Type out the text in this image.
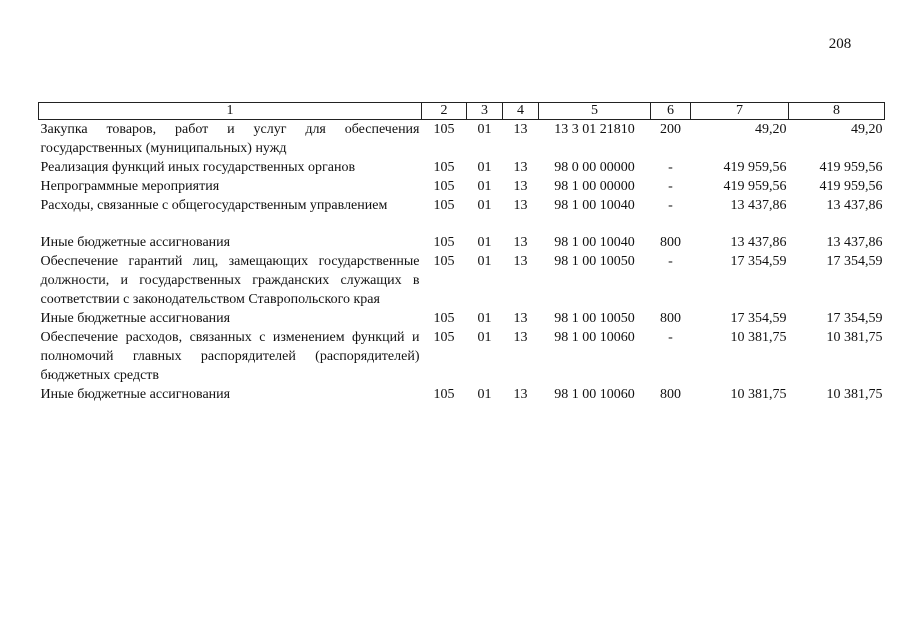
208
1	2	3	4	5	6	7	8
Закупка товаров, работ и услуг для обеспечения государственных (муниципальных) нужд	105	01	13	13 3 01 21810	200	49,20	49,20
Реализация функций иных государственных органов	105	01	13	98 0 00 00000	-	419 959,56	419 959,56
Непрограммные мероприятия	105	01	13	98 1 00 00000	-	419 959,56	419 959,56
Расходы, связанные с общегосударственным управлением	105	01	13	98 1 00 10040	-	13 437,86	13 437,86

Иные бюджетные ассигнования	105	01	13	98 1 00 10040	800	13 437,86	13 437,86
Обеспечение гарантий лиц, замещающих государственные должности, и государственных гражданских служащих в соответствии с законодательством Ставропольского края	105	01	13	98 1 00 10050	-	17 354,59	17 354,59
Иные бюджетные ассигнования	105	01	13	98 1 00 10050	800	17 354,59	17 354,59
Обеспечение расходов, связанных с изменением функций и полномочий главных распорядителей (распорядителей) бюджетных средств	105	01	13	98 1 00 10060	-	10 381,75	10 381,75
Иные бюджетные ассигнования	105	01	13	98 1 00 10060	800	10 381,75	10 381,75
